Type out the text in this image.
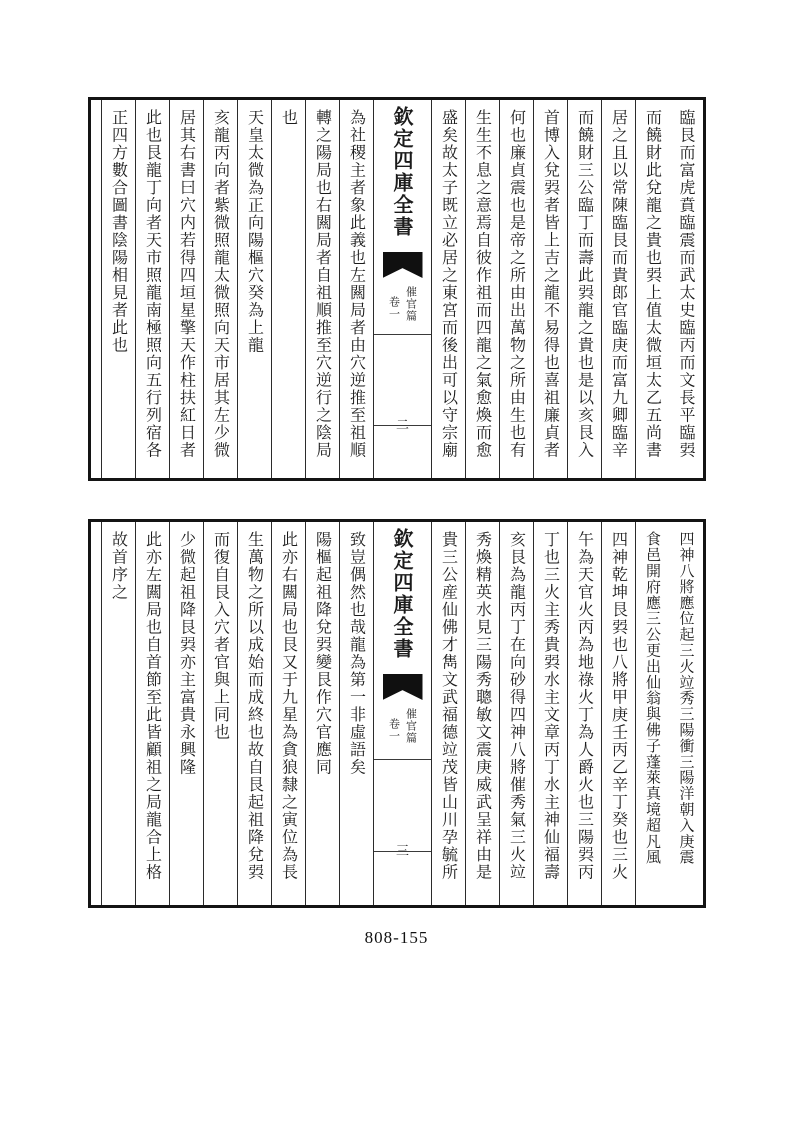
臨艮而富虎賁臨震而武太史臨丙而文長平臨㢲
而饒財此兌龍之貴也㢲上值太微垣太乙五尚書
居之且以常陳臨艮而貴郎官臨庚而富九卿臨辛
而饒財三公臨丁而壽此㢲龍之貴也是以亥艮入
首博入兌㢲者皆上吉之龍不易得也喜祖廉貞者
何也廉貞震也是帝之所由出萬物之所由生也有
生生不息之意焉自彼作祖而四龍之氣愈煥而愈
盛矣故太子既立必居之東宮而後出可以守宗廟
欽定四庫全書
催官篇
卷一
二
為社稷主者象此義也左闗局者由穴逆推至祖順
轉之陽局也右闗局者自祖順推至穴逆行之陰局
也
天皇太微為正向陽樞穴癸為上龍
亥龍丙向者紫微照龍太微照向天市居其左少微
居其右書曰穴内若得四垣星擎天作柱扶紅日者
此也艮龍丁向者天市照龍南極照向五行列宿各
正四方數合圖書陰陽相見者此也
四神八將應位起三火竝秀三陽衝三陽洋朝入庚震
食邑開府應三公更出仙翁與佛子蓬萊真境超凡風
四神乾坤艮㢲也八將甲庚壬丙乙辛丁癸也三火
午為天官火丙為地祿火丁為人爵火也三陽㢲丙
丁也三火主秀貴㢲水主文章丙丁水主神仙福壽
亥艮為龍丙丁在向砂得四神八將催秀氣三火竝
秀煥精英水見三陽秀聰敏文震庚威武呈祥由是
貴三公産仙佛才雋文武福德竝茂皆山川孕毓所
欽定四庫全書
催官篇
卷一
三
致豈偶然也哉龍為第一非虛語矣
陽樞起祖降兌㢲變艮作穴官應同
此亦右闗局也艮又于九星為貪狼隸之寅位為長
生萬物之所以成始而成終也故自艮起祖降兌㢲
而復自艮入穴者官與上同也
少微起祖降艮㢲亦主富貴永興隆
此亦左闗局也自首節至此皆顧祖之局龍合上格
故首序之
808-155
